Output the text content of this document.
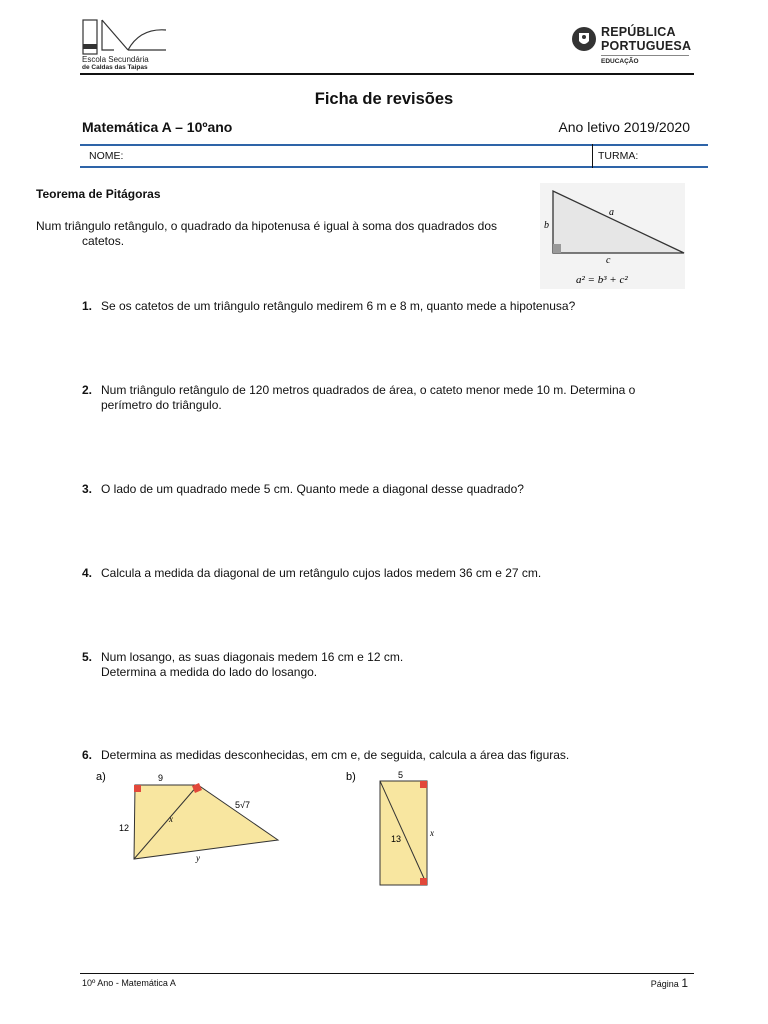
Escola Secundária
de Caldas das Taipas
REPÚBLICA
PORTUGUESA
EDUCAÇÃO
Ficha de revisões
Matemática A – 10ºano	Ano letivo 2019/2020
NOME:	TURMA:
Teorema de Pitágoras
Num triângulo retângulo, o quadrado da hipotenusa é igual à soma dos quadrados dos
catetos.
a
b
c
a² = b³ + c²
1. Se os catetos de um triângulo retângulo medirem 6 m e 8 m, quanto mede a hipotenusa?
2. Num triângulo retângulo de 120 metros quadrados de área, o cateto menor mede 10 m. Determina o
perímetro do triângulo.
3. O lado de um quadrado mede 5 cm. Quanto mede a diagonal desse quadrado?
4. Calcula a medida da diagonal de um retângulo cujos lados medem 36 cm e 27 cm.
5. Num losango, as suas diagonais medem 16 cm e 12 cm.
Determina a medida do lado do losango.
6. Determina as medidas desconhecidas, em cm e, de seguida, calcula a área das figuras.
a)	9
12
x
5√7
y
b)	5
13
x
10º Ano - Matemática A	Página 1
